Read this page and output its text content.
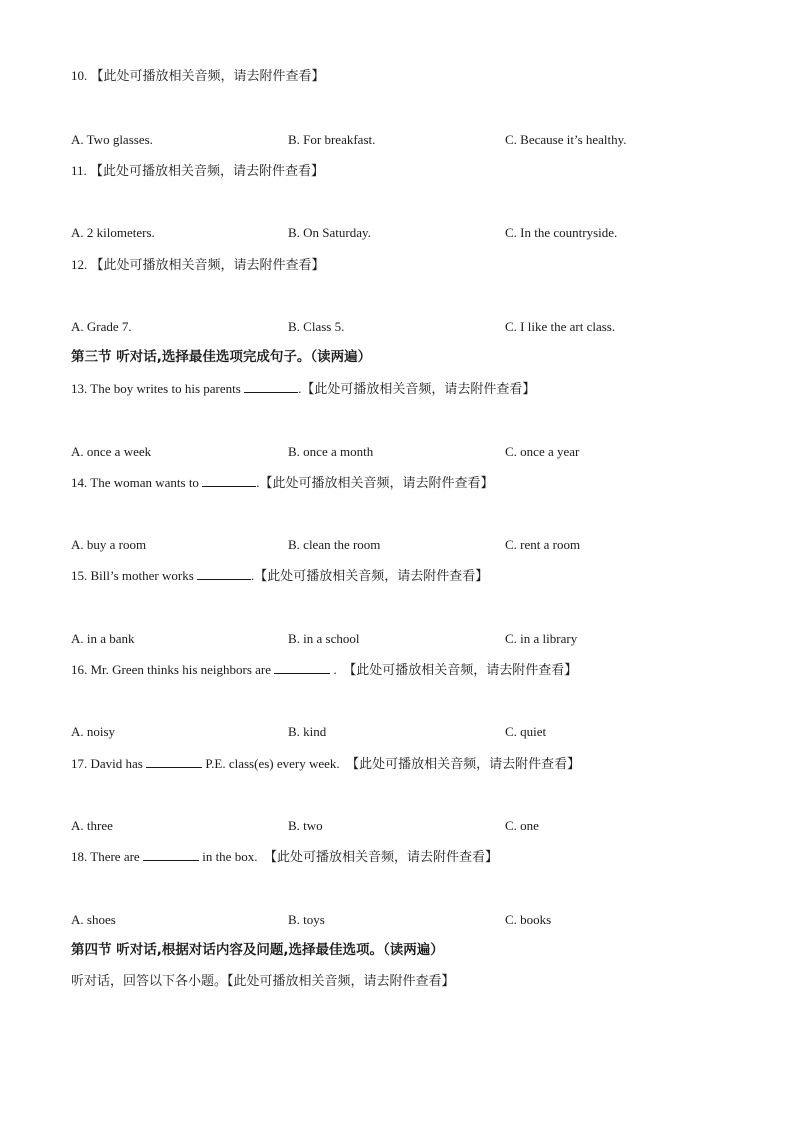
10. 【此处可播放相关音频，请去附件查看】
A. Two glasses.	B. For breakfast.	C. Because it’s healthy.
11. 【此处可播放相关音频，请去附件查看】
A. 2 kilometers.	B. On Saturday.	C. In the countryside.
12. 【此处可播放相关音频，请去附件查看】
A. Grade 7.	B. Class 5.	C. I like the art class.
第三节 听对话,选择最佳选项完成句子。（读两遍）
13. The boy writes to his parents	.【此处可播放相关音频，请去附件查看】
A. once a week	B. once a month	C. once a year
14. The woman wants to	.【此处可播放相关音频，请去附件查看】
A. buy a room	B. clean the room	C. rent a room
15. Bill’s mother works	.【此处可播放相关音频，请去附件查看】
A. in a bank	B. in a school	C. in a library
16. Mr. Green thinks his neighbors are	.  【此处可播放相关音频，请去附件查看】
A. noisy	B. kind	C. quiet
17. David has	P.E. class(es) every week.  【此处可播放相关音频，请去附件查看】
A. three	B. two	C. one
18. There are	in the box.  【此处可播放相关音频，请去附件查看】
A. shoes	B. toys	C. books
第四节 听对话,根据对话内容及问题,选择最佳选项。（读两遍）
听对话，回答以下各小题。【此处可播放相关音频，请去附件查看】
